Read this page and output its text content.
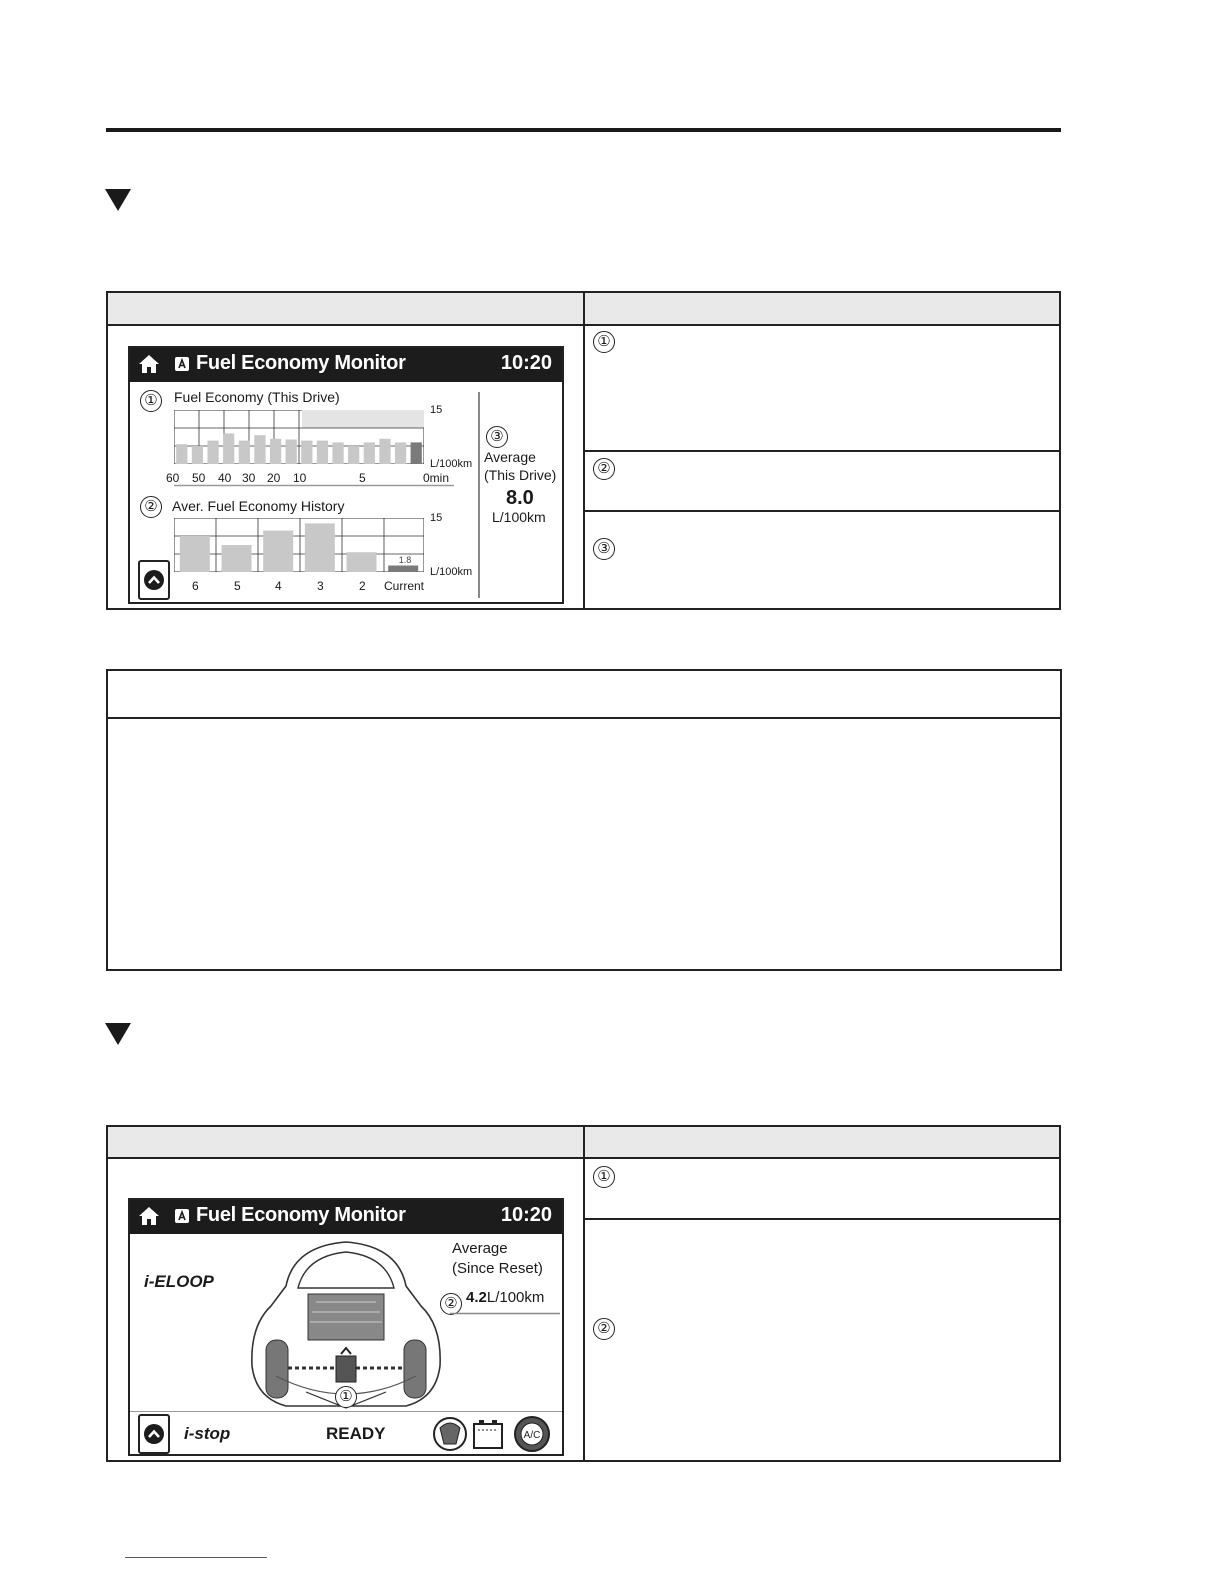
①
②
③
Fuel Economy Monitor	10:20
①	Fuel Economy (This Drive)
15
L/100km
60 50 40 30 20 10	5	0min
②	Aver. Fuel Economy History
1.8
15
L/100km
6	5	4	3	2 Current
③
Average
(This Drive)
8.0
L/100km
①
②
Fuel Economy Monitor	10:20
i-ELOOP
①
Average
(Since Reset)
② 4.2L/100km
i-stop	READY	A/C
